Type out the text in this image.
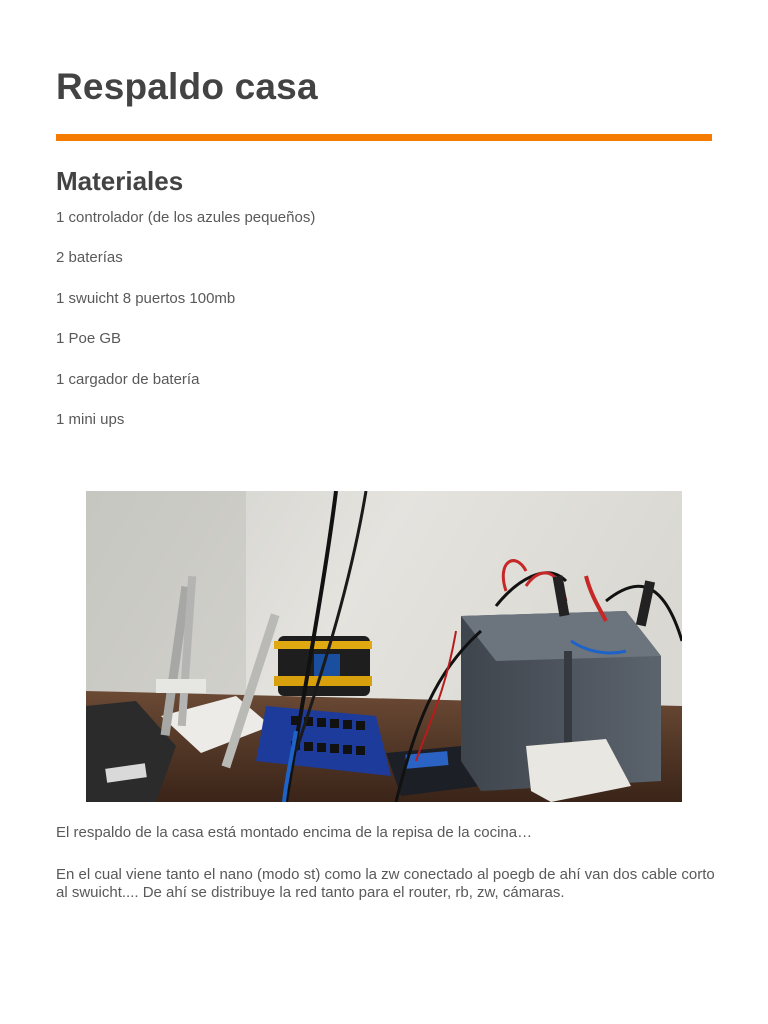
Respaldo casa
Materiales
1 controlador (de los azules pequeños)
2 baterías
1 swuicht 8 puertos 100mb
1 Poe GB
1 cargador de batería
1 mini ups

El respaldo de la casa está montado encima de la repisa de la cocina…

En el cual viene tanto el nano (modo st) como la zw conectado al poegb de ahí van dos cable corto al swuicht.... De ahí se distribuye la red tanto para el router, rb, zw, cámaras.
